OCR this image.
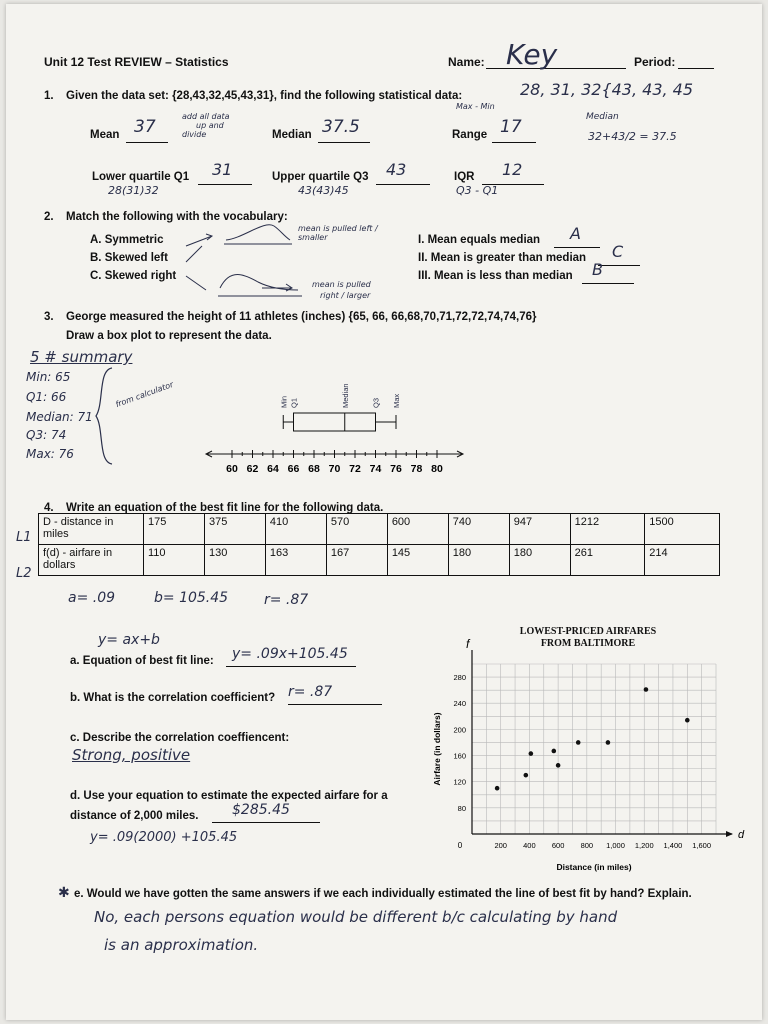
Unit 12 Test REVIEW – Statistics	Name: Key	Period:
1. Given the data set: {28,43,32,45,43,31}, find the following statistical data:	28, 31, 32{43, 43, 45
Max - Min
add all data
up and
divide
Mean 37	Median 37.5	Range 17	Median
32+43/2 = 37.5
Lower quartile Q1 31
28(31)32
Upper quartile Q3 43
43(43)45
IQR 12
Q3 - Q1
2. Match the following with the vocabulary:
A. Symmetric
B. Skewed left
C. Skewed right
mean is pulled left / smaller
mean is pulled
right / larger
I. Mean equals median A
II. Mean is greater than median C
III. Mean is less than median B
3. George measured the height of 11 athletes (inches) {65, 66, 66,68,70,71,72,72,74,74,76}
Draw a box plot to represent the data.
5 # summary
Min: 65
Q1: 66
Median: 71
Q3: 74
Max: 76
from calculator
60 62 64 66 68 70 72 74 76 78 80
Min Q1	Median	Q3 Max
4. Write an equation of the best fit line for the following data.
L1
L2
D - distance in miles	175	375	410	570	600	740	947	1212	1500
f(d) - airfare in dollars	110	130	163	167	145	180	180	261	214
a= .09	b= 105.45	r= .87
y= ax+b
a. Equation of best fit line: y= .09x+105.45
b. What is the correlation coefficient? r= .87
c. Describe the correlation coeffiencent:
Strong, positive
d. Use your equation to estimate the expected airfare for a
distance of 2,000 miles. $285.45
y= .09(2000) +105.45
LOWEST-PRICED AIRFARES
FROM BALTIMORE
d
f
200 400 600 800 1,000 1,200 1,400 1,600
80
120
160
200
240
280
0
Distance (in miles)
Airfare (in dollars)
✱ e. Would we have gotten the same answers if we each individually estimated the line of best fit by hand? Explain.
No, each persons equation would be different b/c calculating by hand
is an approximation.
